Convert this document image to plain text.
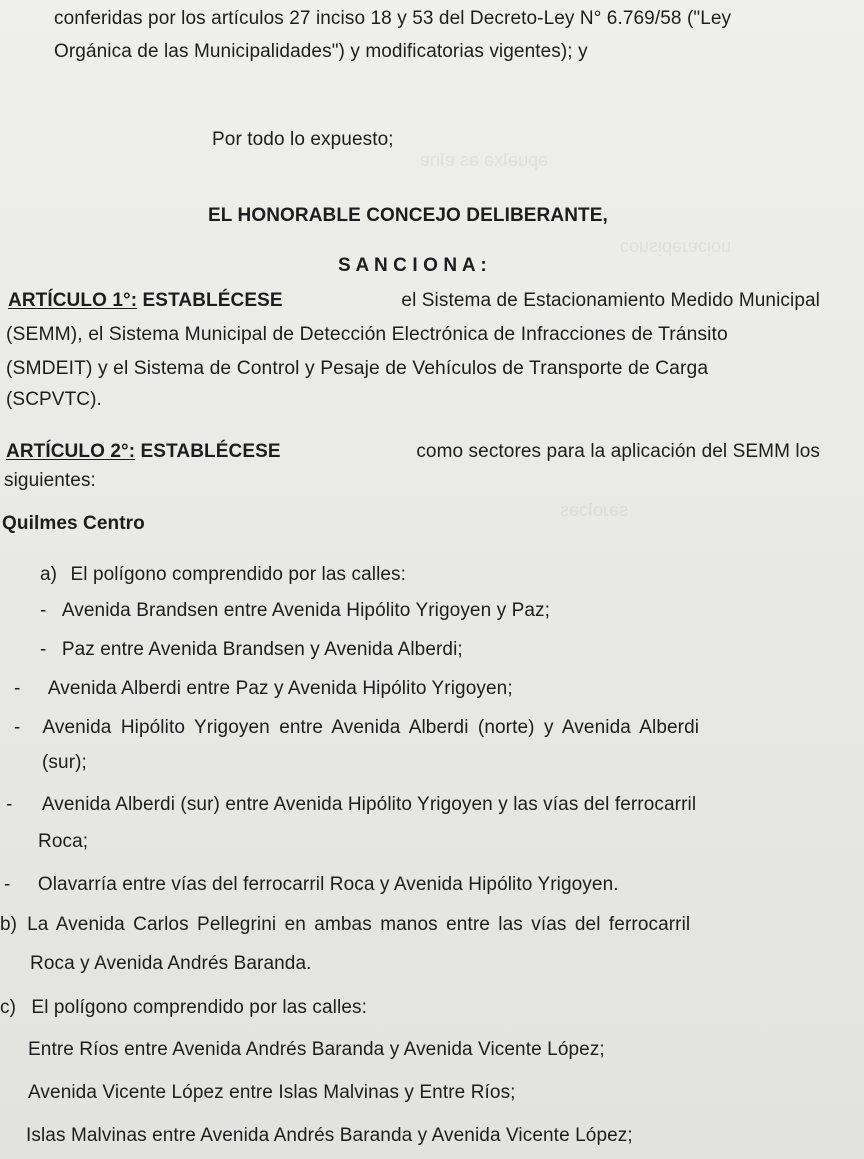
ǝpuǝʇxǝ ǝs ɐʇnɐ
uoᴉɔɐɹǝpᴉsuoɔ
sǝɹoʇɔǝs
conferidas por los artículos 27 inciso 18 y 53 del Decreto-Ley N° 6.769/58 ("Ley
Orgánica de las Municipalidades") y modificatorias vigentes); y
Por todo lo expuesto;
EL HONORABLE CONCEJO DELIBERANTE,
S A N C I O N A :
ARTÍCULO 1°: ESTABLÉCESE	el Sistema de Estacionamiento Medido Municipal
(SEMM), el Sistema Municipal de Detección Electrónica de Infracciones de Tránsito
(SMDEIT) y el Sistema de Control y Pesaje de Vehículos de Transporte de Carga
(SCPVTC).
ARTÍCULO 2°: ESTABLÉCESE	como sectores para la aplicación del SEMM los
siguientes:
Quilmes Centro
a) El polígono comprendido por las calles:
- Avenida Brandsen entre Avenida Hipólito Yrigoyen y Paz;
- Paz entre Avenida Brandsen y Avenida Alberdi;
- Avenida Alberdi entre Paz y Avenida Hipólito Yrigoyen;
- Avenida Hipólito Yrigoyen entre Avenida Alberdi (norte) y Avenida Alberdi
(sur);
- Avenida Alberdi (sur) entre Avenida Hipólito Yrigoyen y las vías del ferrocarril
Roca;
- Olavarría entre vías del ferrocarril Roca y Avenida Hipólito Yrigoyen.
b) La Avenida Carlos Pellegrini en ambas manos entre las vías del ferrocarril
Roca y Avenida Andrés Baranda.
c) El polígono comprendido por las calles:
Entre Ríos entre Avenida Andrés Baranda y Avenida Vicente López;
Avenida Vicente López entre Islas Malvinas y Entre Ríos;
Islas Malvinas entre Avenida Andrés Baranda y Avenida Vicente López;
